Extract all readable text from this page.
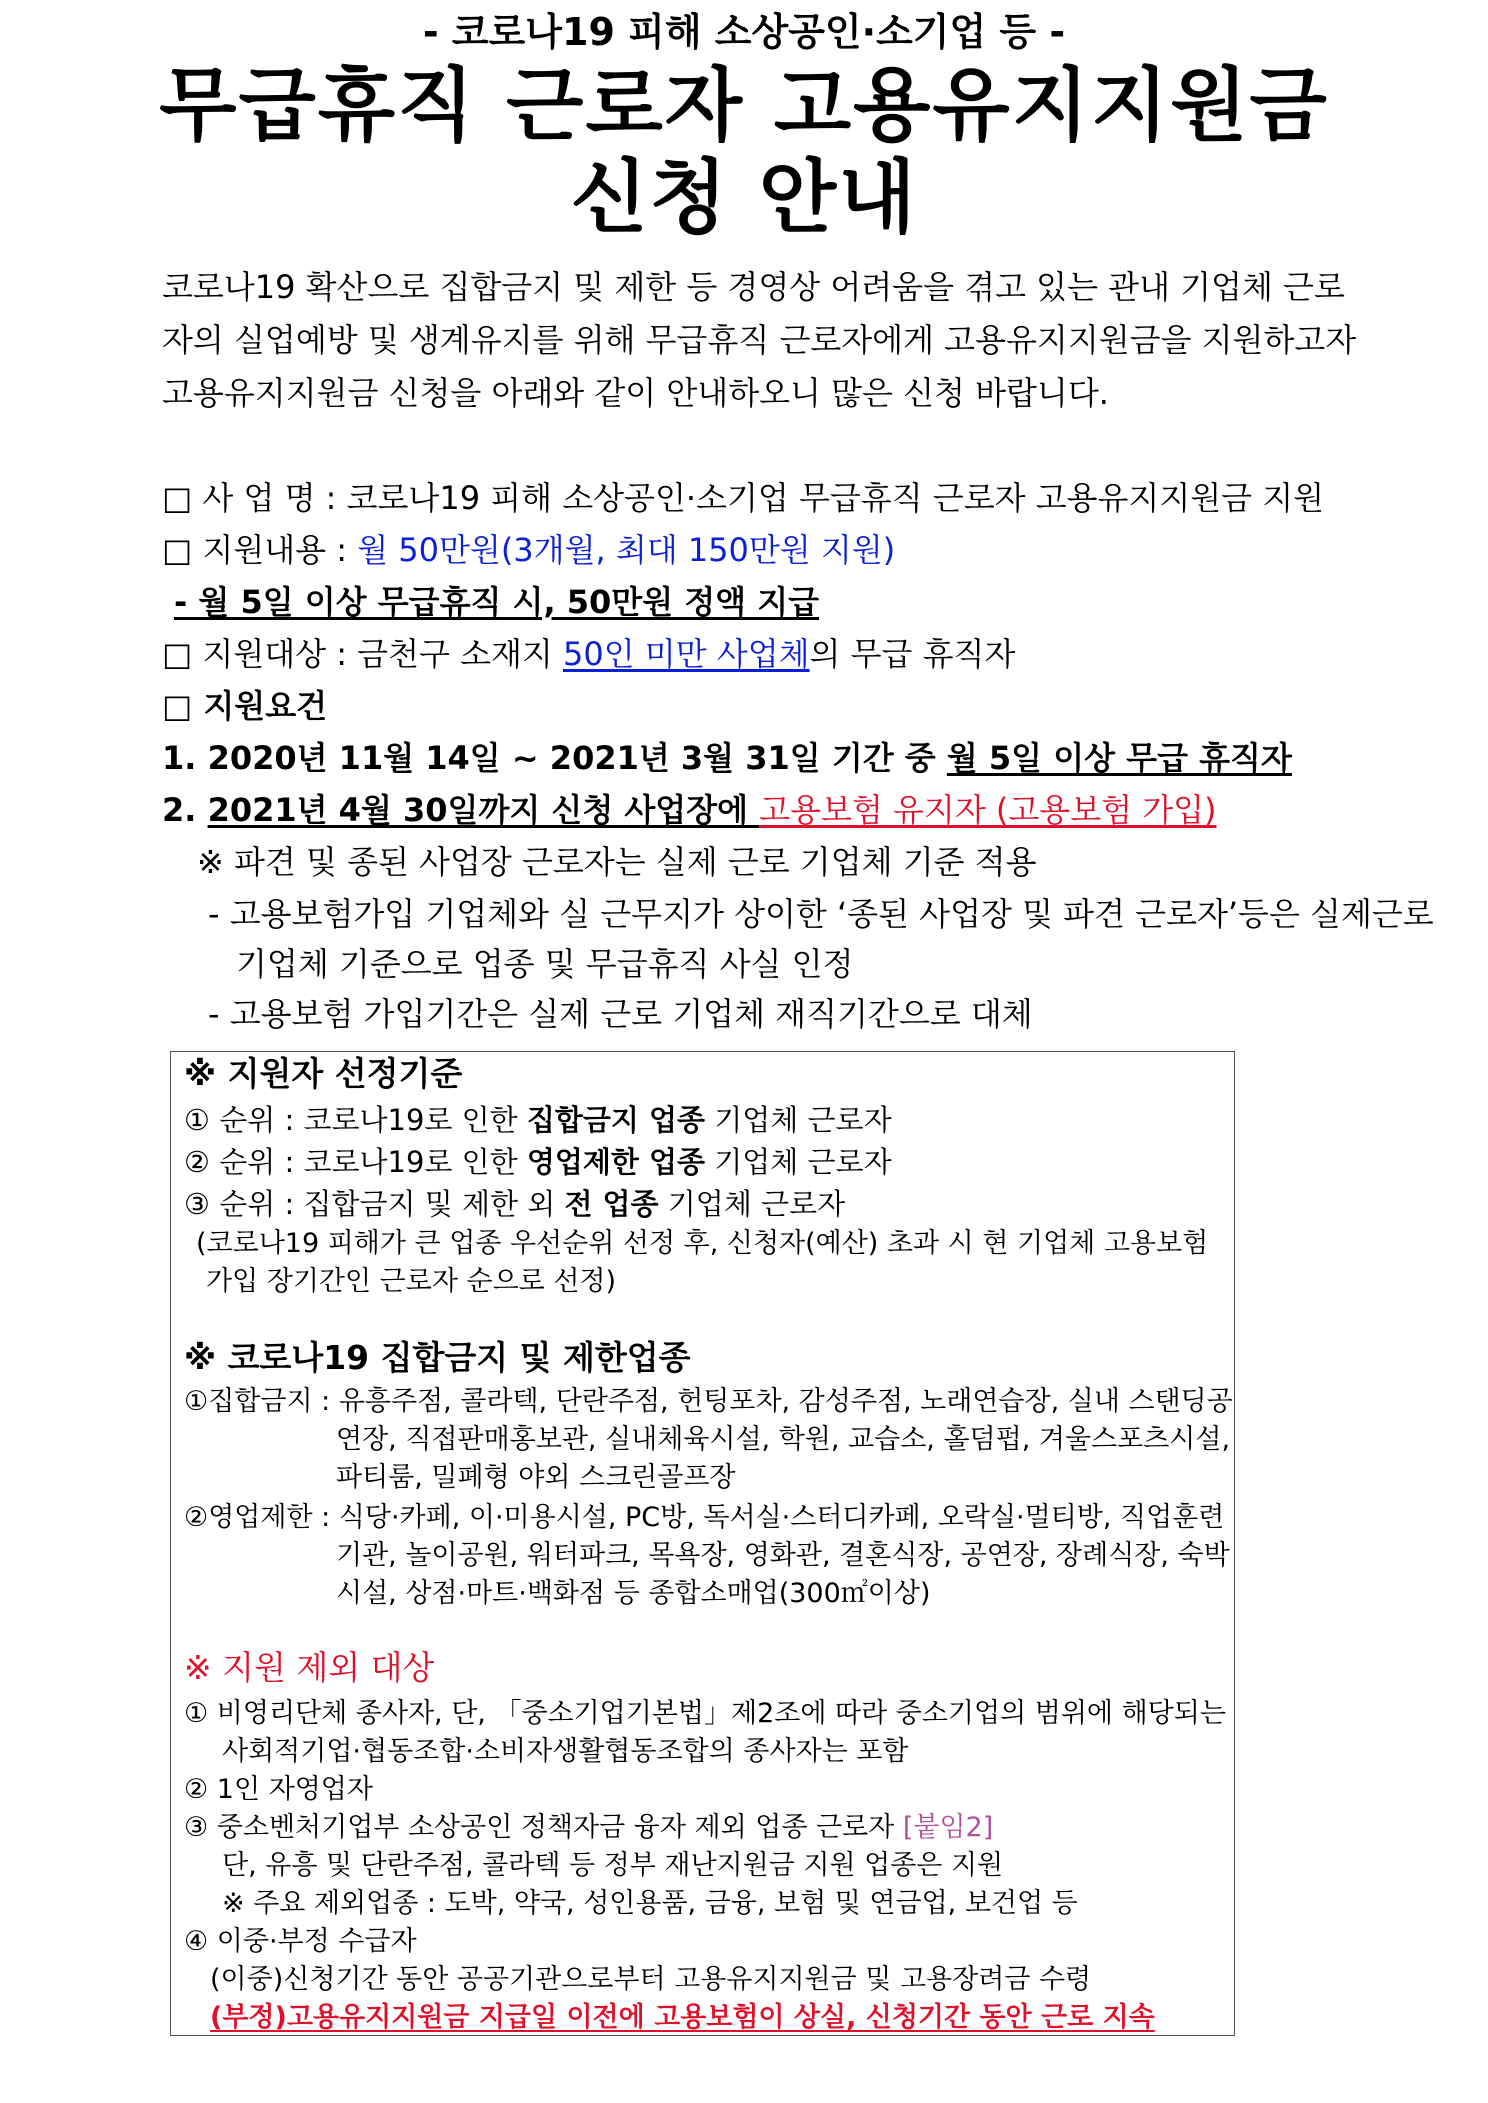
- 코로나19 피해 소상공인·소기업 등 -
무급휴직 근로자 고용유지지원금
신청 안내
코로나19 확산으로 집합금지 및 제한 등 경영상 어려움을 겪고 있는 관내 기업체 근로
자의 실업예방 및 생계유지를 위해 무급휴직 근로자에게 고용유지지원금을 지원하고자
고용유지지원금 신청을 아래와 같이 안내하오니 많은 신청 바랍니다.
□ 사 업 명 : 코로나19 피해 소상공인·소기업 무급휴직 근로자 고용유지지원금 지원
□ 지원내용 : 월 50만원(3개월, 최대 150만원 지원)
- 월 5일 이상 무급휴직 시, 50만원 정액 지급
□ 지원대상 : 금천구 소재지 50인 미만 사업체의 무급 휴직자
□ 지원요건
1. 2020년 11월 14일 ~ 2021년 3월 31일 기간 중 월 5일 이상 무급 휴직자
2. 2021년 4월 30일까지 신청 사업장에 고용보험 유지자 (고용보험 가입)
※ 파견 및 종된 사업장 근로자는 실제 근로 기업체 기준 적용
- 고용보험가입 기업체와 실 근무지가 상이한 ‘종된 사업장 및 파견 근로자’등은 실제근로
기업체 기준으로 업종 및 무급휴직 사실 인정
- 고용보험 가입기간은 실제 근로 기업체 재직기간으로 대체
※ 지원자 선정기준
① 순위 : 코로나19로 인한 집합금지 업종 기업체 근로자
② 순위 : 코로나19로 인한 영업제한 업종 기업체 근로자
③ 순위 : 집합금지 및 제한 외 전 업종 기업체 근로자
(코로나19 피해가 큰 업종 우선순위 선정 후, 신청자(예산) 초과 시 현 기업체 고용보험
가입 장기간인 근로자 순으로 선정)
※ 코로나19 집합금지 및 제한업종
①집합금지 : 유흥주점, 콜라텍, 단란주점, 헌팅포차, 감성주점, 노래연습장, 실내 스탠딩공
연장, 직접판매홍보관, 실내체육시설, 학원, 교습소, 홀덤펍, 겨울스포츠시설,
파티룸, 밀폐형 야외 스크린골프장
②영업제한 : 식당·카페, 이·미용시설, PC방, 독서실·스터디카페, 오락실·멀티방, 직업훈련
기관, 놀이공원, 워터파크, 목욕장, 영화관, 결혼식장, 공연장, 장례식장, 숙박
시설, 상점·마트·백화점 등 종합소매업(300㎡이상)
※ 지원 제외 대상
① 비영리단체 종사자, 단, 「중소기업기본법」제2조에 따라 중소기업의 범위에 해당되는
사회적기업·협동조합·소비자생활협동조합의 종사자는 포함
② 1인 자영업자
③ 중소벤처기업부 소상공인 정책자금 융자 제외 업종 근로자 [붙임2]
단, 유흥 및 단란주점, 콜라텍 등 정부 재난지원금 지원 업종은 지원
※ 주요 제외업종 : 도박, 약국, 성인용품, 금융, 보험 및 연금업, 보건업 등
④ 이중·부정 수급자
(이중)신청기간 동안 공공기관으로부터 고용유지지원금 및 고용장려금 수령
(부정)고용유지지원금 지급일 이전에 고용보험이 상실, 신청기간 동안 근로 지속
